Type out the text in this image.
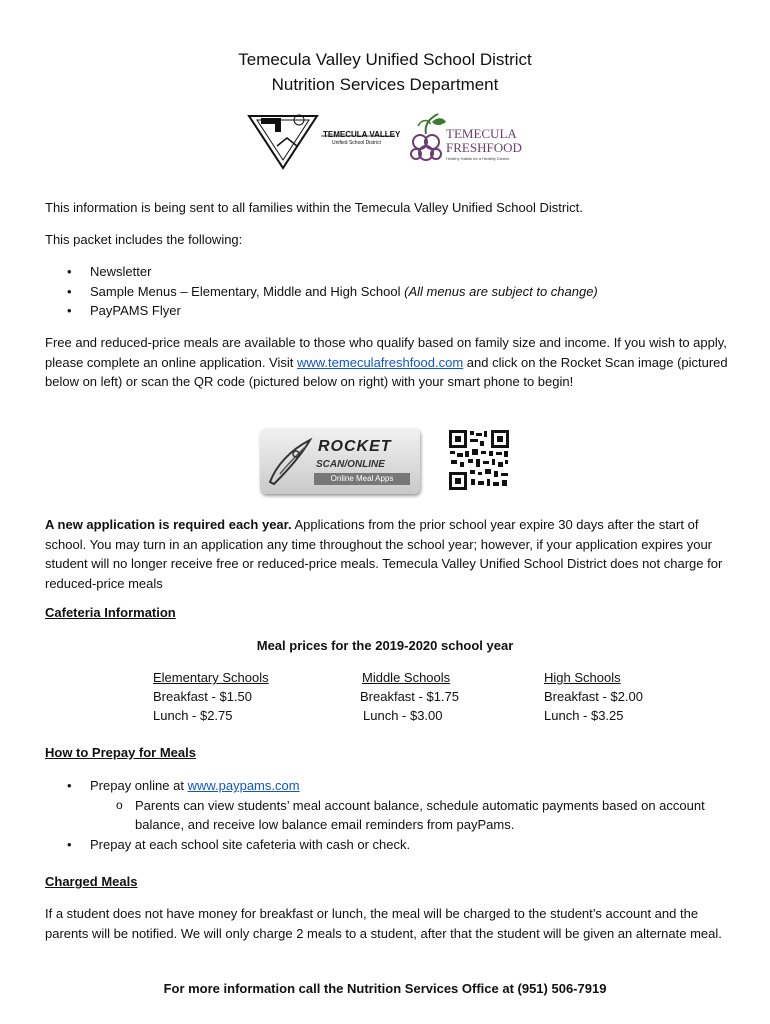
Temecula Valley Unified School District
Nutrition Services Department
TEMECULA VALLEY
Unified School District
TEMECULA
FRESHFOOD
Healthy Habits for a Healthy District
This information is being sent to all families within the Temecula Valley Unified School District.
This packet includes the following:
• Newsletter
• Sample Menus – Elementary, Middle and High School (All menus are subject to change)
• PayPAMS Flyer
Free and reduced-price meals are available to those who qualify based on family size and income. If you wish to apply, please complete an online application. Visit www.temeculafreshfood.com and click on the Rocket Scan image (pictured below on left) or scan the QR code (pictured below on right) with your smart phone to begin!
ROCKET
SCAN/ONLINE
Online Meal Apps
A new application is required each year. Applications from the prior school year expire 30 days after the start of school. You may turn in an application any time throughout the school year; however, if your application expires your student will no longer receive free or reduced-price meals. Temecula Valley Unified School District does not charge for reduced-price meals
Cafeteria Information
Meal prices for the 2019-2020 school year
Elementary Schools
Breakfast - $1.50
Lunch - $2.75
Middle Schools
Breakfast - $1.75
Lunch - $3.00
High Schools
Breakfast - $2.00
Lunch - $3.25
How to Prepay for Meals
• Prepay online at www.paypams.com
o Parents can view students’ meal account balance, schedule automatic payments based on account balance, and receive low balance email reminders from payPams.
• Prepay at each school site cafeteria with cash or check.
Charged Meals
If a student does not have money for breakfast or lunch, the meal will be charged to the student’s account and the parents will be notified. We will only charge 2 meals to a student, after that the student will be given an alternate meal.
For more information call the Nutrition Services Office at (951) 506-7919
